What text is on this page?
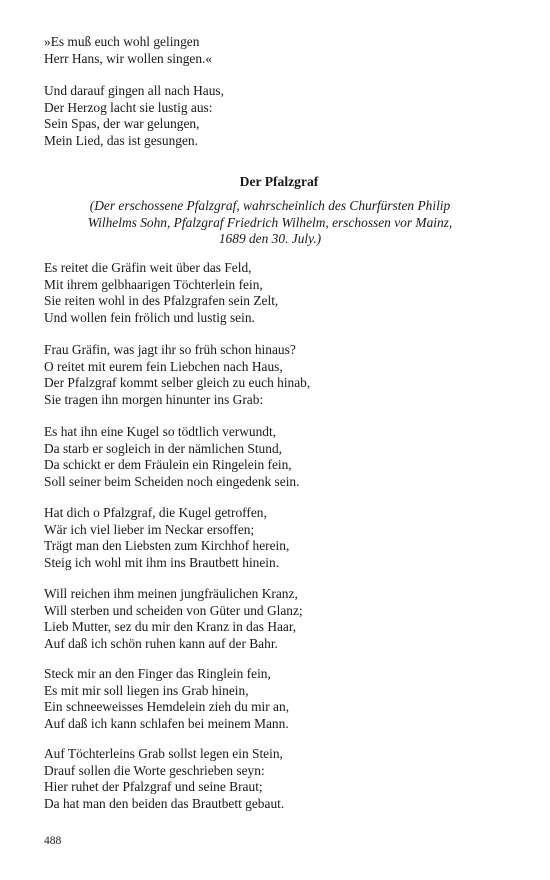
»Es muß euch wohl gelingen
Herr Hans, wir wollen singen.«
Und darauf gingen all nach Haus,
Der Herzog lacht sie lustig aus:
Sein Spas, der war gelungen,
Mein Lied, das ist gesungen.
Der Pfalzgraf
(Der erschossene Pfalzgraf, wahrscheinlich des Churfürsten Philip
Wilhelms Sohn, Pfalzgraf Friedrich Wilhelm, erschossen vor Mainz,
1689 den 30. July.)
Es reitet die Gräfin weit über das Feld,
Mit ihrem gelbhaarigen Töchterlein fein,
Sie reiten wohl in des Pfalzgrafen sein Zelt,
Und wollen fein frölich und lustig sein.
Frau Gräfin, was jagt ihr so früh schon hinaus?
O reitet mit eurem fein Liebchen nach Haus,
Der Pfalzgraf kommt selber gleich zu euch hinab,
Sie tragen ihn morgen hinunter ins Grab:
Es hat ihn eine Kugel so tödtlich verwundt,
Da starb er sogleich in der nämlichen Stund,
Da schickt er dem Fräulein ein Ringelein fein,
Soll seiner beim Scheiden noch eingedenk sein.
Hat dich o Pfalzgraf, die Kugel getroffen,
Wär ich viel lieber im Neckar ersoffen;
Trägt man den Liebsten zum Kirchhof herein,
Steig ich wohl mit ihm ins Brautbett hinein.
Will reichen ihm meinen jungfräulichen Kranz,
Will sterben und scheiden von Güter und Glanz;
Lieb Mutter, sez du mir den Kranz in das Haar,
Auf daß ich schön ruhen kann auf der Bahr.
Steck mir an den Finger das Ringlein fein,
Es mit mir soll liegen ins Grab hinein,
Ein schneeweisses Hemdelein zieh du mir an,
Auf daß ich kann schlafen bei meinem Mann.
Auf Töchterleins Grab sollst legen ein Stein,
Drauf sollen die Worte geschrieben seyn:
Hier ruhet der Pfalzgraf und seine Braut;
Da hat man den beiden das Brautbett gebaut.
488
